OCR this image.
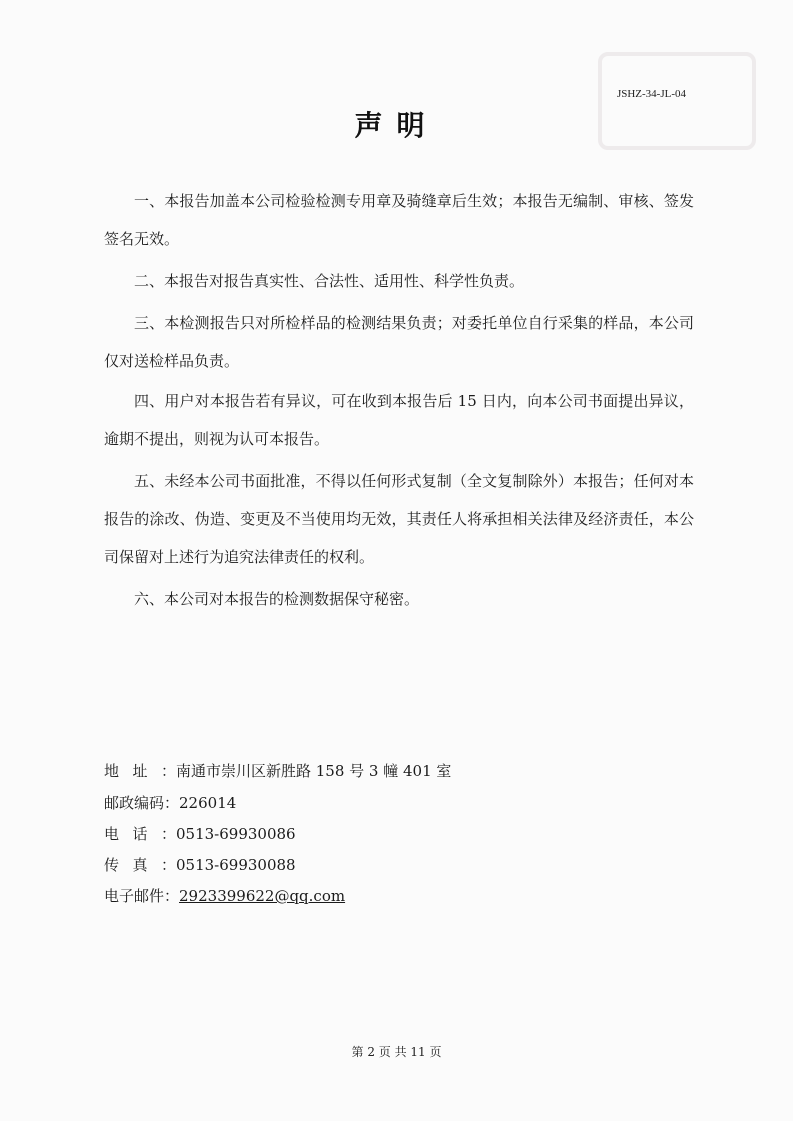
JSHZ-34-JL-04
声明
一、本报告加盖本公司检验检测专用章及骑缝章后生效；本报告无编制、审核、签发签名无效。
二、本报告对报告真实性、合法性、适用性、科学性负责。
三、本检测报告只对所检样品的检测结果负责；对委托单位自行采集的样品，本公司仅对送检样品负责。
四、用户对本报告若有异议，可在收到本报告后 15 日内，向本公司书面提出异议，逾期不提出，则视为认可本报告。
五、未经本公司书面批准，不得以任何形式复制（全文复制除外）本报告；任何对本报告的涂改、伪造、变更及不当使用均无效，其责任人将承担相关法律及经济责任，本公司保留对上述行为追究法律责任的权利。
六、本公司对本报告的检测数据保守秘密。
地址：南通市崇川区新胜路 158 号 3 幢 401 室
邮政编码：226014
电话：0513-69930086
传真：0513-69930088
电子邮件：2923399622@qq.com
第 2 页 共 11 页
